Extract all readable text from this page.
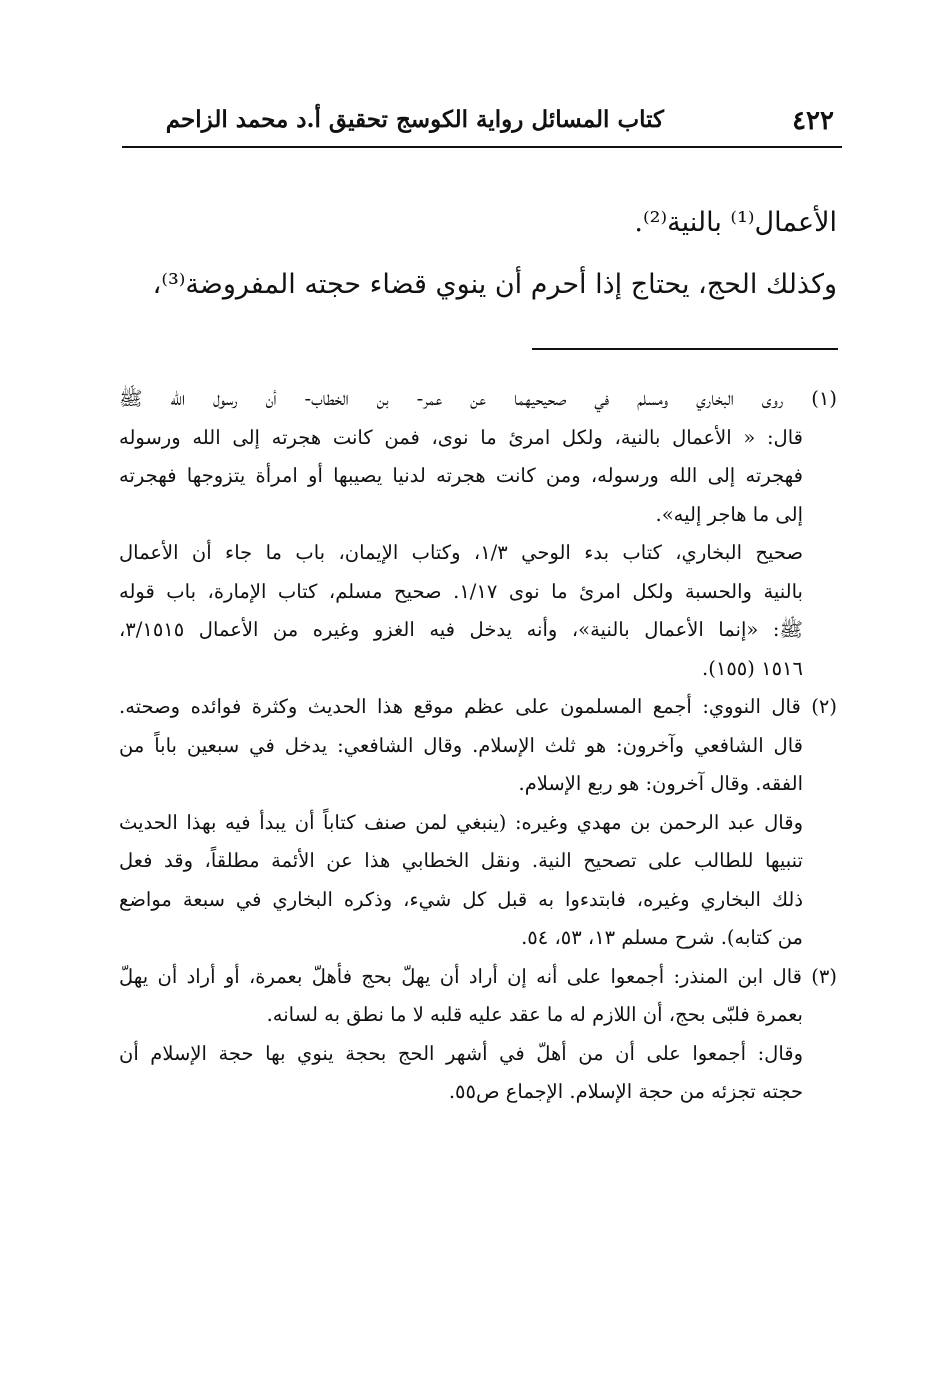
٤٢٢
كتاب المسائل رواية الكوسج تحقيق أ.د محمد الزاحم

الأعمال⁽¹⁾ بالنية⁽²⁾.

وكذلك الحج، يحتاج إذا أحرم أن ينوي قضاء حجته المفروضة⁽³⁾،

(١) روى البخاري ومسلم في صحيحيهما عن عمر- بن الخطاب- أن رسول الله ﷺ
قال: « الأعمال بالنية، ولكل امرئ ما نوى، فمن كانت هجرته إلى الله ورسوله
فهجرته إلى الله ورسوله، ومن كانت هجرته لدنيا يصيبها أو امرأة يتزوجها فهجرته
إلى ما هاجر إليه».
صحيح البخاري، كتاب بدء الوحي ١/٣، وكتاب الإيمان، باب ما جاء أن الأعمال
بالنية والحسبة ولكل امرئ ما نوى ١/١٧. صحيح مسلم، كتاب الإمارة، باب قوله
ﷺ: «إنما الأعمال بالنية»، وأنه يدخل فيه الغزو وغيره من الأعمال ٣/١٥١٥،
١٥١٦ (١٥٥).
(٢) قال النووي: أجمع المسلمون على عظم موقع هذا الحديث وكثرة فوائده وصحته.
قال الشافعي وآخرون: هو ثلث الإسلام. وقال الشافعي: يدخل في سبعين باباً من
الفقه. وقال آخرون: هو ربع الإسلام.
وقال عبد الرحمن بن مهدي وغيره: (ينبغي لمن صنف كتاباً أن يبدأ فيه بهذا الحديث
تنبيها للطالب على تصحيح النية. ونقل الخطابي هذا عن الأئمة مطلقاً، وقد فعل
ذلك البخاري وغيره، فابتدءوا به قبل كل شيء، وذكره البخاري في سبعة مواضع
من كتابه). شرح مسلم ١٣، ٥٣، ٥٤.
(٣) قال ابن المنذر: أجمعوا على أنه إن أراد أن يهلّ بحج فأهلّ بعمرة، أو أراد أن يهلّ
بعمرة فلبّى بحج، أن اللازم له ما عقد عليه قلبه لا ما نطق به لسانه.
وقال: أجمعوا على أن من أهلّ في أشهر الحج بحجة ينوي بها حجة الإسلام أن
حجته تجزئه من حجة الإسلام. الإجماع ص٥٥.
